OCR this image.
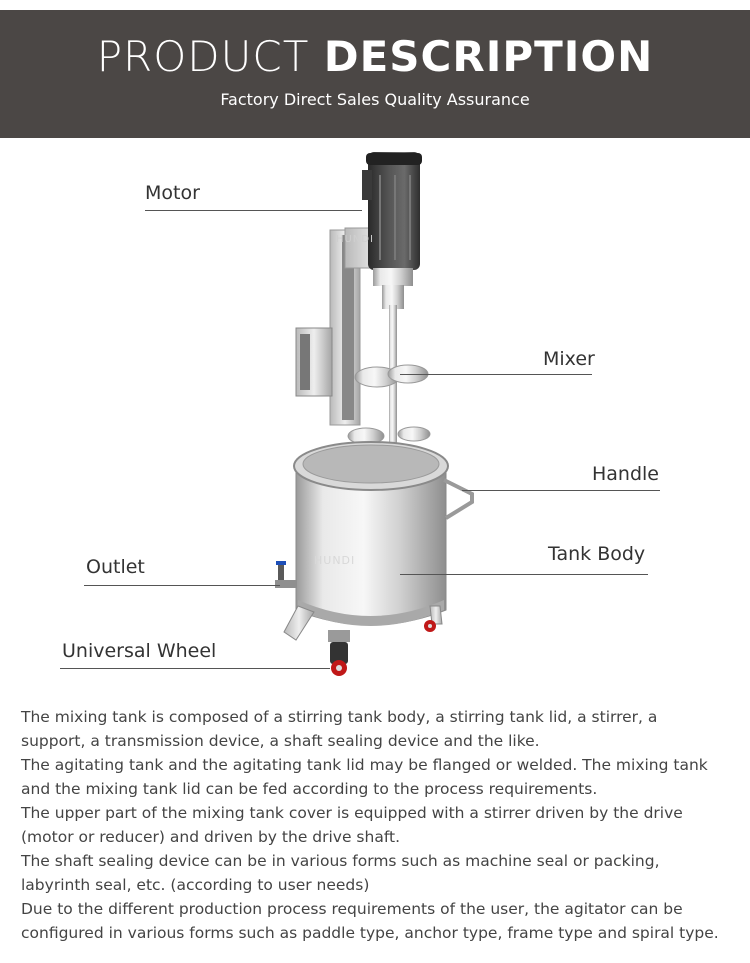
PRODUCT DESCRIPTION
Factory Direct Sales Quality Assurance
HUNDI
HUNDI
Motor
Mixer
Handle
Tank Body
Outlet
Universal Wheel

The mixing tank is composed of a stirring tank body, a stirring tank lid, a stirrer, a support, a transmission device, a shaft sealing device and the like.

The agitating tank and the agitating tank lid may be flanged or welded. The mixing tank and the mixing tank lid can be fed according to the process requirements.

The upper part of the mixing tank cover is equipped with a stirrer driven by the drive (motor or reducer) and driven by the drive shaft.

The shaft sealing device can be in various forms such as machine seal or packing, labyrinth seal, etc. (according to user needs)

Due to the different production process requirements of the user, the agitator can be configured in various forms such as paddle type, anchor type, frame type and spiral type.
